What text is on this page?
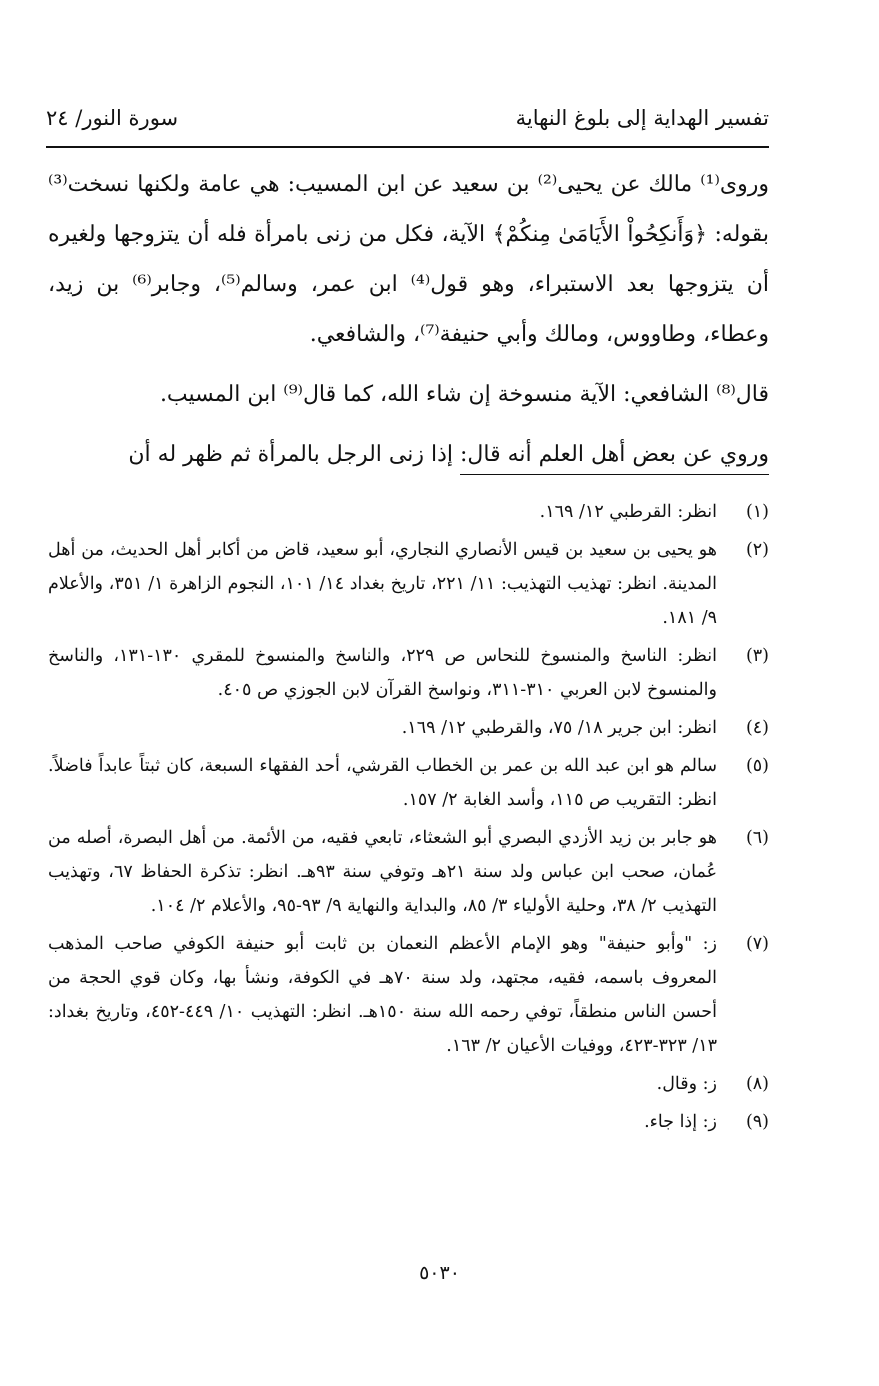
تفسير الهداية إلى بلوغ النهاية
سورة النور/ ٢٤

وروى⁽¹⁾ مالك عن يحيى⁽²⁾ بن سعيد عن ابن المسيب: هي عامة ولكنها نسخت⁽³⁾ بقوله: ﴿وَأَنكِحُواْ الأَيَامَىٰ مِنكُمْ﴾ الآية، فكل من زنى بامرأة فله أن يتزوجها ولغيره أن يتزوجها بعد الاستبراء، وهو قول⁽⁴⁾ ابن عمر، وسالم⁽⁵⁾، وجابر⁽⁶⁾ بن زيد، وعطاء، وطاووس، ومالك وأبي حنيفة⁽⁷⁾، والشافعي.

قال⁽⁸⁾ الشافعي: الآية منسوخة إن شاء الله، كما قال⁽⁹⁾ ابن المسيب.

وروي عن بعض أهل العلم أنه قال: إذا زنى الرجل بالمرأة ثم ظهر له أن

(١)
انظر: القرطبي ١٢/ ١٦٩.
(٢)
هو يحيى بن سعيد بن قيس الأنصاري النجاري، أبو سعيد، قاض من أكابر أهل الحديث، من أهل المدينة. انظر: تهذيب التهذيب: ١١/ ٢٢١، تاريخ بغداد ١٤/ ١٠١، النجوم الزاهرة ١/ ٣٥١، والأعلام ٩/ ١٨١.
(٣)
انظر: الناسخ والمنسوخ للنحاس ص ٢٢٩، والناسخ والمنسوخ للمقري ١٣٠-١٣١، والناسخ والمنسوخ لابن العربي ٣١٠-٣١١، ونواسخ القرآن لابن الجوزي ص ٤٠٥.
(٤)
انظر: ابن جرير ١٨/ ٧٥، والقرطبي ١٢/ ١٦٩.
(٥)
سالم هو ابن عبد الله بن عمر بن الخطاب القرشي، أحد الفقهاء السبعة، كان ثبتاً عابداً فاضلاً. انظر: التقريب ص ١١٥، وأسد الغابة ٢/ ١٥٧.
(٦)
هو جابر بن زيد الأزدي البصري أبو الشعثاء، تابعي فقيه، من الأئمة. من أهل البصرة، أصله من عُمان، صحب ابن عباس ولد سنة ٢١هـ وتوفي سنة ٩٣هـ. انظر: تذكرة الحفاظ ٦٧، وتهذيب التهذيب ٢/ ٣٨، وحلية الأولياء ٣/ ٨٥، والبداية والنهاية ٩/ ٩٣-٩٥، والأعلام ٢/ ١٠٤.
(٧)
ز: "وأبو حنيفة" وهو الإمام الأعظم النعمان بن ثابت أبو حنيفة الكوفي صاحب المذهب المعروف باسمه، فقيه، مجتهد، ولد سنة ٧٠هـ في الكوفة، ونشأ بها، وكان قوي الحجة من أحسن الناس منطقاً، توفي رحمه الله سنة ١٥٠هـ. انظر: التهذيب ١٠/ ٤٤٩-٤٥٢، وتاريخ بغداد: ١٣/ ٣٢٣-٤٢٣، ووفيات الأعيان ٢/ ١٦٣.
(٨)
ز: وقال.
(٩)
ز: إذا جاء.
٥٠٣٠
